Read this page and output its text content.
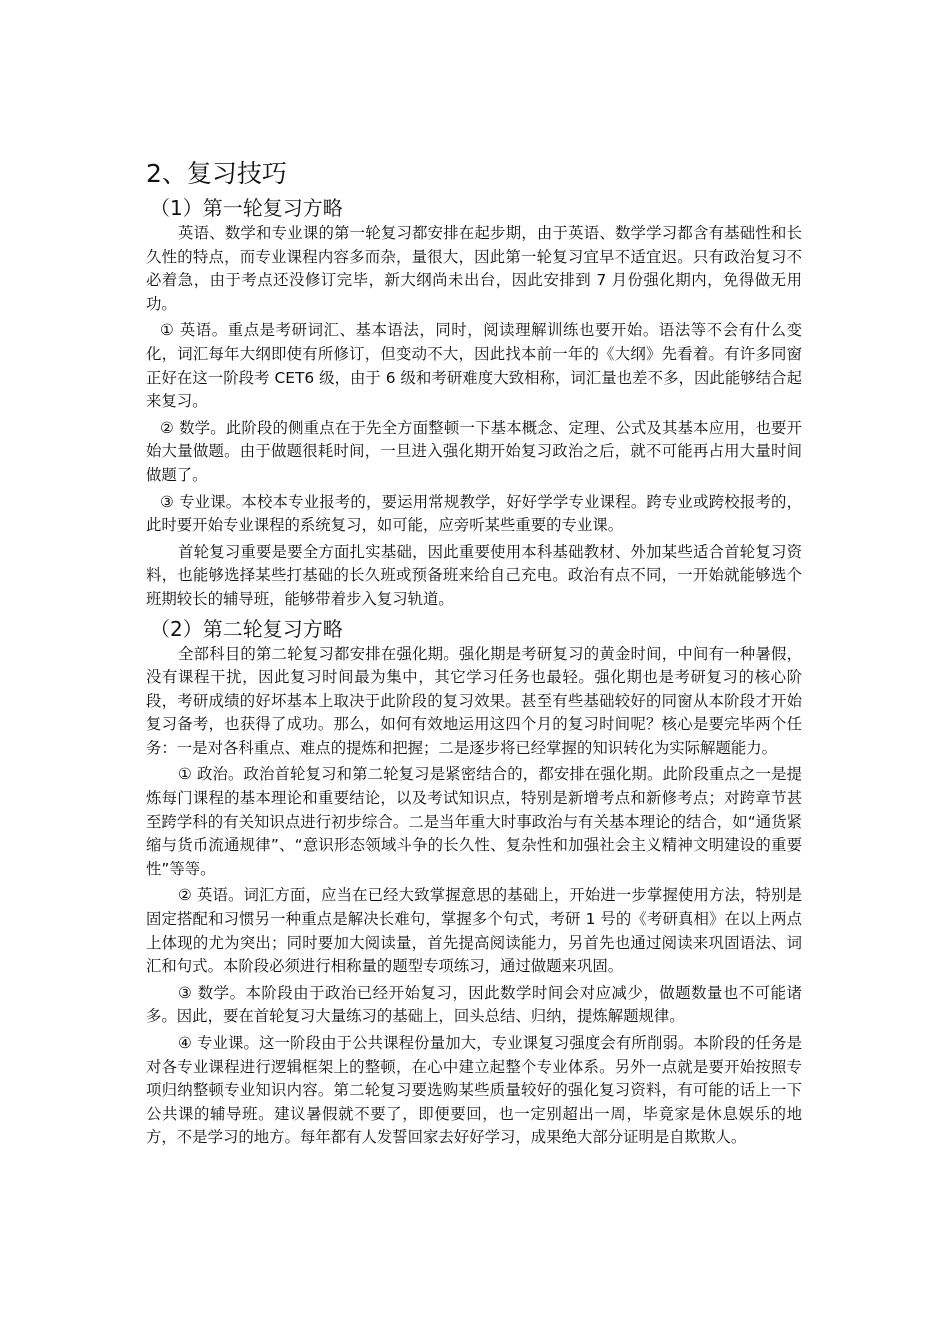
2、复习技巧
（1）第一轮复习方略

英语、数学和专业课的第一轮复习都安排在起步期，由于英语、数学学习都含有基础性和长久性的特点，而专业课程内容多而杂，量很大，因此第一轮复习宜早不适宜迟。只有政治复习不必着急，由于考点还没修订完毕，新大纲尚未出台，因此安排到 7 月份强化期内，免得做无用功。

① 英语。重点是考研词汇、基本语法，同时，阅读理解训练也要开始。语法等不会有什么变化，词汇每年大纲即使有所修订，但变动不大，因此找本前一年的《大纲》先看着。有许多同窗正好在这一阶段考 CET6 级，由于 6 级和考研难度大致相称，词汇量也差不多，因此能够结合起来复习。

② 数学。此阶段的侧重点在于先全方面整顿一下基本概念、定理、公式及其基本应用，也要开始大量做题。由于做题很耗时间，一旦进入强化期开始复习政治之后，就不可能再占用大量时间做题了。

③ 专业课。本校本专业报考的，要运用常规教学，好好学学专业课程。跨专业或跨校报考的，此时要开始专业课程的系统复习，如可能，应旁听某些重要的专业课。

首轮复习重要是要全方面扎实基础，因此重要使用本科基础教材、外加某些适合首轮复习资料，也能够选择某些打基础的长久班或预备班来给自己充电。政治有点不同，一开始就能够选个班期较长的辅导班，能够带着步入复习轨道。

（2）第二轮复习方略

全部科目的第二轮复习都安排在强化期。强化期是考研复习的黄金时间，中间有一种暑假，没有课程干扰，因此复习时间最为集中，其它学习任务也最轻。强化期也是考研复习的核心阶段，考研成绩的好坏基本上取决于此阶段的复习效果。甚至有些基础较好的同窗从本阶段才开始复习备考，也获得了成功。那么，如何有效地运用这四个月的复习时间呢？核心是要完毕两个任务：一是对各科重点、难点的提炼和把握；二是逐步将已经掌握的知识转化为实际解题能力。

① 政治。政治首轮复习和第二轮复习是紧密结合的，都安排在强化期。此阶段重点之一是提炼每门课程的基本理论和重要结论，以及考试知识点，特别是新增考点和新修考点；对跨章节甚至跨学科的有关知识点进行初步综合。二是当年重大时事政治与有关基本理论的结合，如“通货紧缩与货币流通规律”、“意识形态领域斗争的长久性、复杂性和加强社会主义精神文明建设的重要性”等等。

② 英语。词汇方面，应当在已经大致掌握意思的基础上，开始进一步掌握使用方法，特别是固定搭配和习惯另一种重点是解决长难句，掌握多个句式，考研 1 号的《考研真相》在以上两点上体现的尤为突出；同时要加大阅读量，首先提高阅读能力，另首先也通过阅读来巩固语法、词汇和句式。本阶段必须进行相称量的题型专项练习，通过做题来巩固。

③ 数学。本阶段由于政治已经开始复习，因此数学时间会对应减少，做题数量也不可能诸多。因此，要在首轮复习大量练习的基础上，回头总结、归纳，提炼解题规律。

④ 专业课。这一阶段由于公共课程份量加大，专业课复习强度会有所削弱。本阶段的任务是对各专业课程进行逻辑框架上的整顿，在心中建立起整个专业体系。另外一点就是要开始按照专项归纳整顿专业知识内容。第二轮复习要选购某些质量较好的强化复习资料，有可能的话上一下公共课的辅导班。建议暑假就不要了，即便要回，也一定别超出一周，毕竟家是休息娱乐的地方，不是学习的地方。每年都有人发誓回家去好好学习，成果绝大部分证明是自欺欺人。
